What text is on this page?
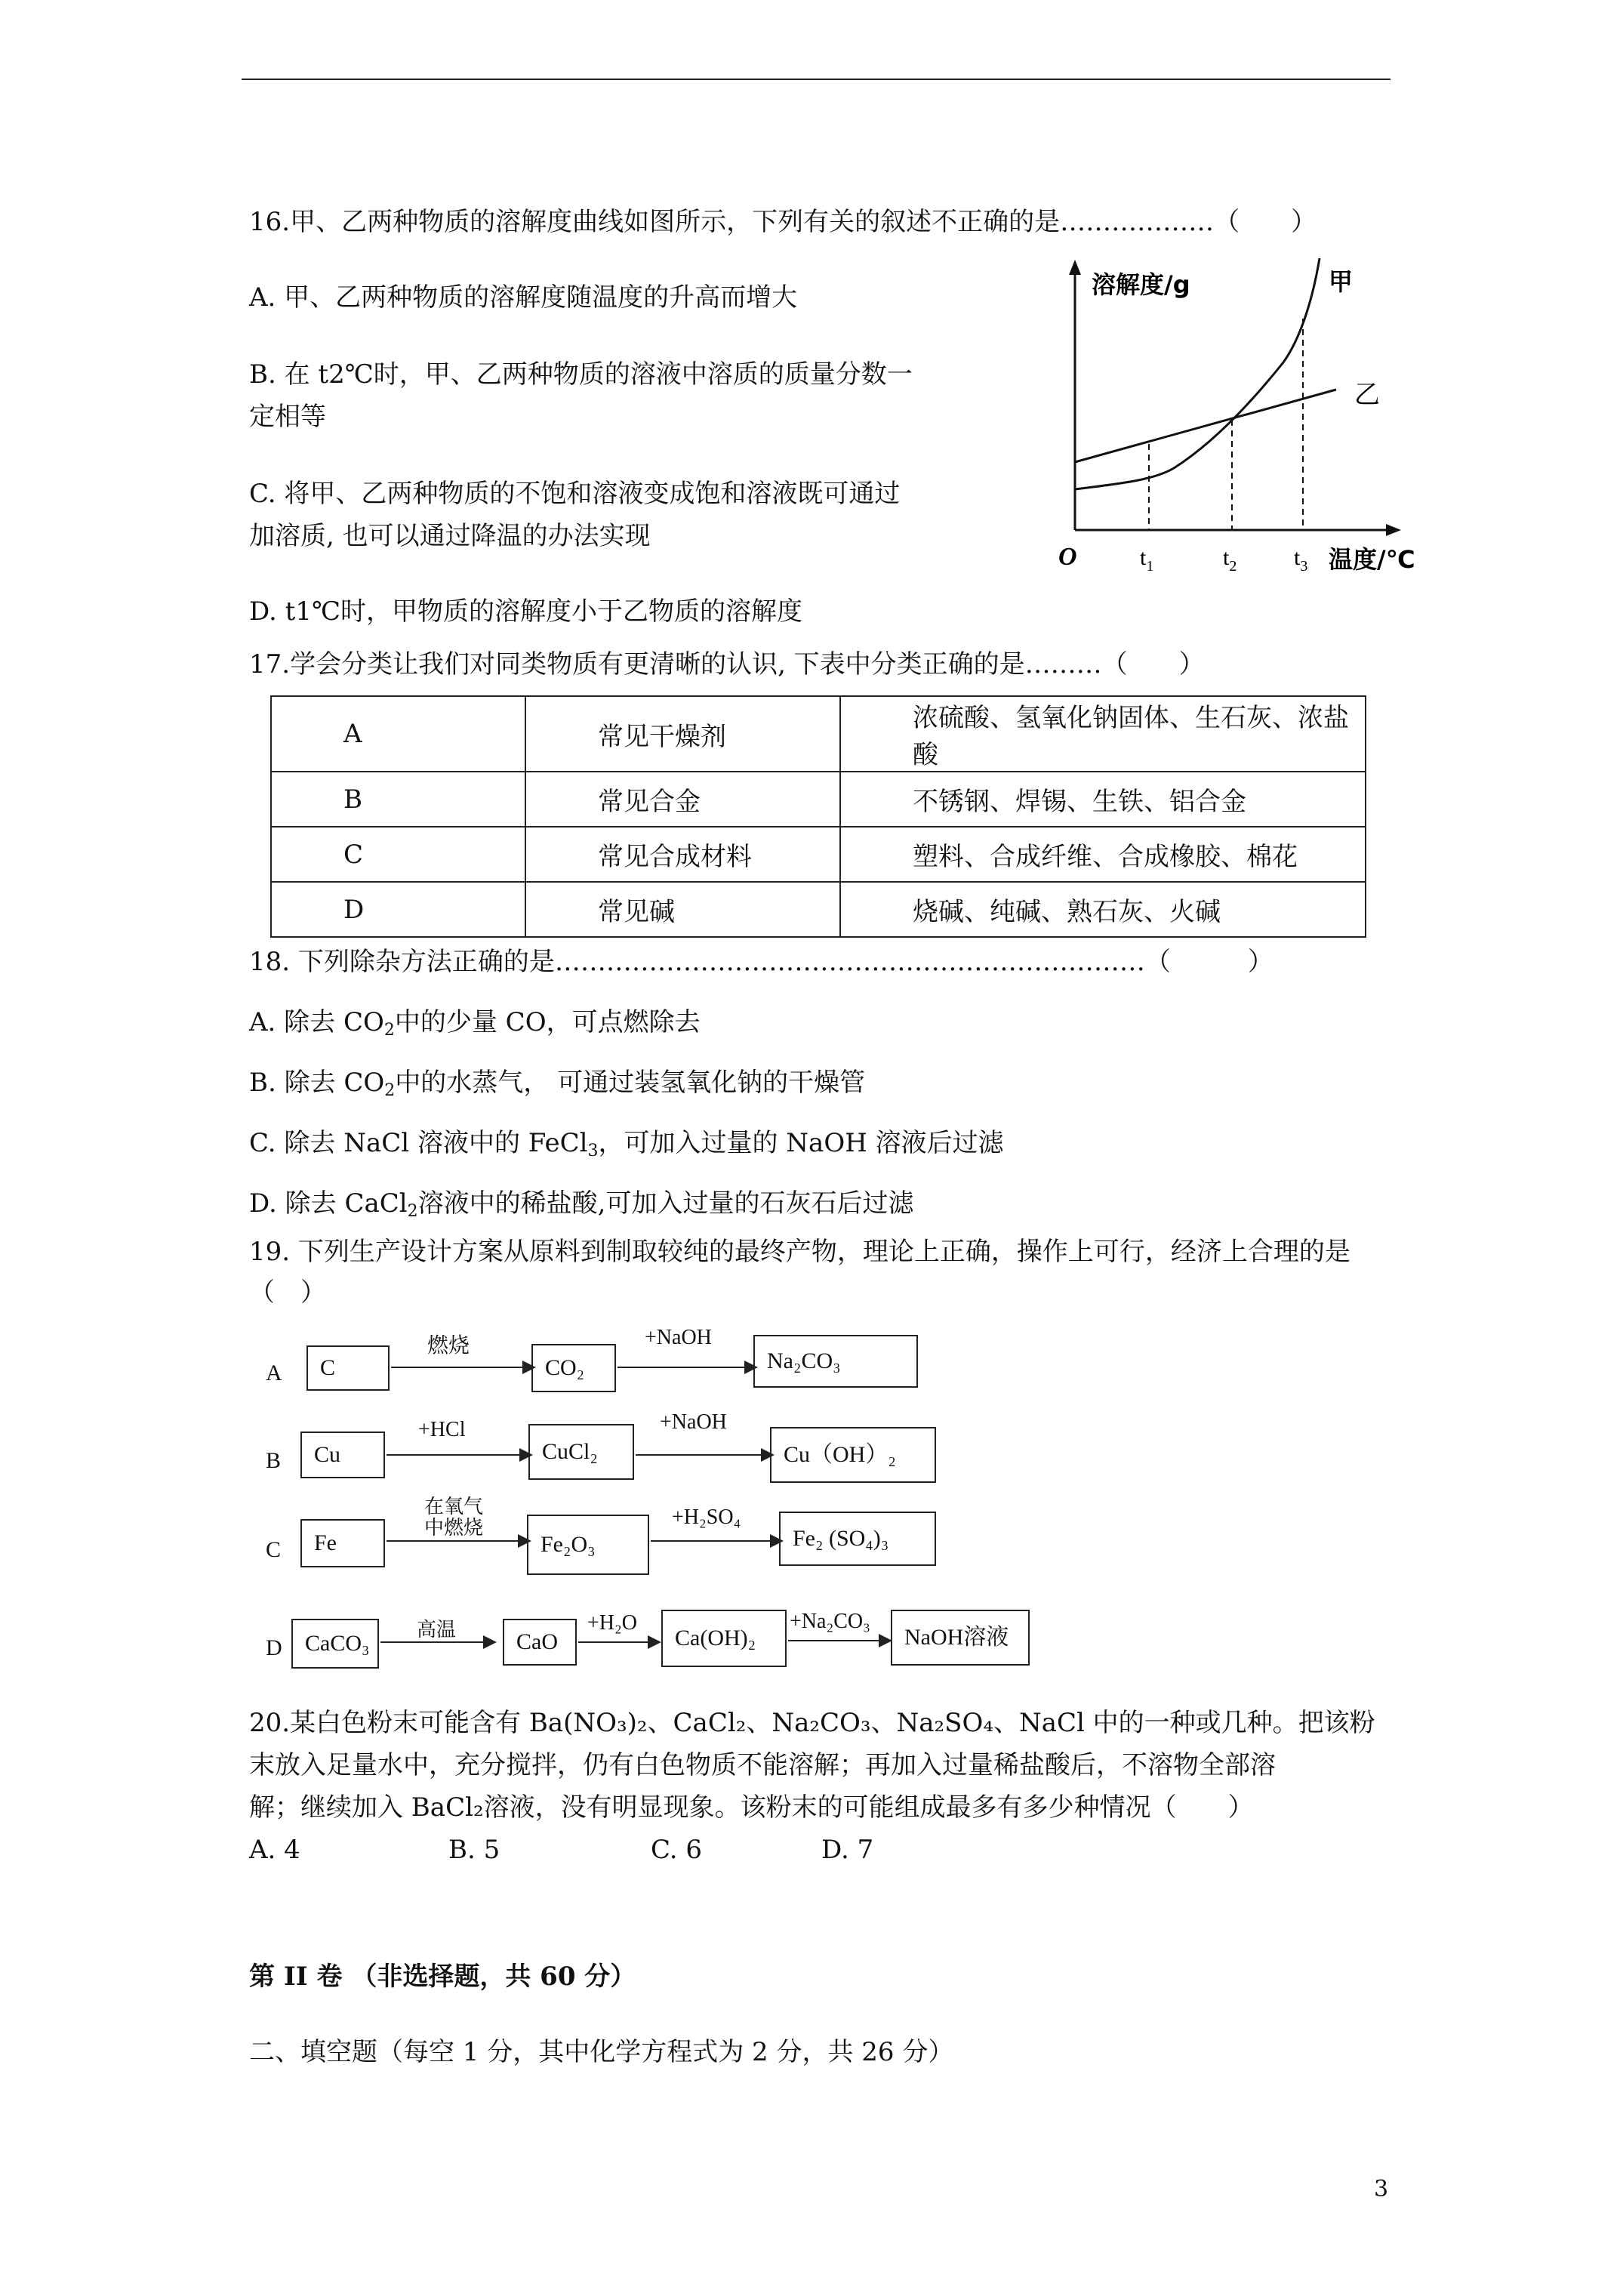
16.甲、乙两种物质的溶解度曲线如图所示，下列有关的叙述不正确的是………………（　　）
A. 甲、乙两种物质的溶解度随温度的升高而增大
B. 在 t2℃时，甲、乙两种物质的溶液中溶质的质量分数一
定相等
C. 将甲、乙两种物质的不饱和溶液变成饱和溶液既可通过
加溶质, 也可以通过降温的办法实现
D. t1℃时，甲物质的溶解度小于乙物质的溶解度
溶解度/g	甲
乙
O	$t_1$	$t_2$	$t_3$ 温度/℃
17.学会分类让我们对同类物质有更清晰的认识, 下表中分类正确的是………（　　）
A	常见干燥剂	浓硫酸、氢氧化钠固体、生石灰、浓盐酸
B	常见合金	不锈钢、焊锡、生铁、铝合金
C	常见合成材料	塑料、合成纤维、合成橡胶、棉花
D	常见碱	烧碱、纯碱、熟石灰、火碱
18. 下列除杂方法正确的是……………………………………………………………（　　　）
A. 除去 $CO_2$中的少量 CO，可点燃除去
B. 除去 $CO_2$中的水蒸气， 可通过装氢氧化钠的干燥管
C. 除去 NaCl 溶液中的 FeCl$_3$，可加入过量的 NaOH 溶液后过滤
D. 除去 CaCl$_2$溶液中的稀盐酸,可加入过量的石灰石后过滤
19. 下列生产设计方案从原料到制取较纯的最终产物，理论上正确，操作上可行，经济上合理的是
（　）
A	C
燃烧
CO₂
+NaOH
Na₂CO₃
B	Cu
+HCl
CuCl₂
+NaOH
Cu（OH）₂
C	Fe
在氧气
中燃烧
Fe₂O₃
+H₂SO₄
Fe₂ (SO₄)₃
D	CaCO₃
高温	CaO
+H₂O
Ca(OH)₂
+Na₂CO₃
NaOH溶液
20.某白色粉末可能含有 Ba(NO₃)₂、CaCl₂、Na₂CO₃、Na₂SO₄、NaCl 中的一种或几种。把该粉
末放入足量水中，充分搅拌，仍有白色物质不能溶解；再加入过量稀盐酸后，不溶物全部溶
解；继续加入 BaCl₂溶液，没有明显现象。该粉末的可能组成最多有多少种情况（　　）
A. 4	B. 5	C. 6	D. 7
第 II 卷 （非选择题，共 60 分）
二、填空题（每空 1 分，其中化学方程式为 2 分，共 26 分）
3
